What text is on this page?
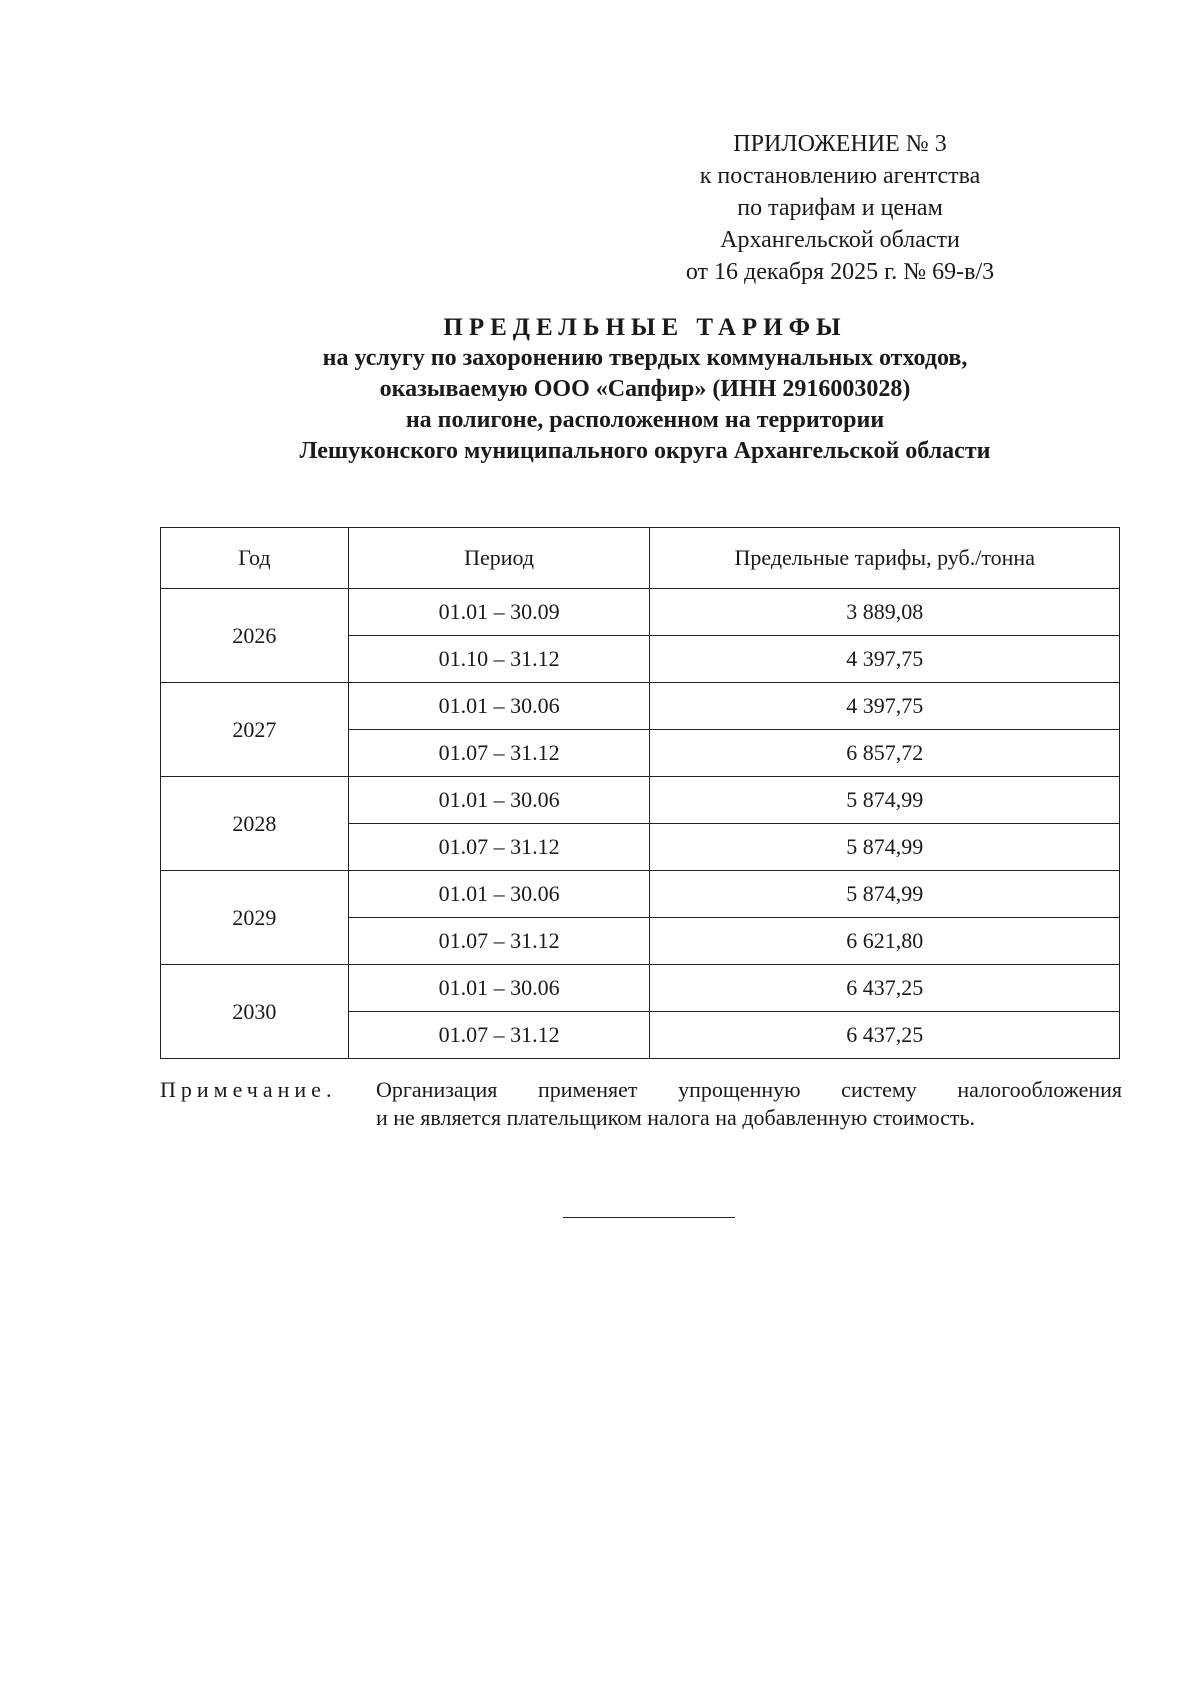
ПРИЛОЖЕНИЕ № 3
к постановлению агентства
по тарифам и ценам
Архангельской области
от 16 декабря 2025 г. № 69-в/3
ПРЕДЕЛЬНЫЕ ТАРИФЫ
на услугу по захоронению твердых коммунальных отходов,
оказываемую ООО «Сапфир» (ИНН 2916003028)
на полигоне, расположенном на территории
Лешуконского муниципального округа Архангельской области
Год	Период	Предельные тарифы, руб./тонна
2026	01.01 – 30.09	3 889,08
	01.10 – 31.12	4 397,75
2027	01.01 – 30.06	4 397,75
	01.07 – 31.12	6 857,72
2028	01.01 – 30.06	5 874,99
	01.07 – 31.12	5 874,99
2029	01.01 – 30.06	5 874,99
	01.07 – 31.12	6 621,80
2030	01.01 – 30.06	6 437,25
	01.07 – 31.12	6 437,25
Примечание. Организация применяет упрощенную систему налогообложения
и не является плательщиком налога на добавленную стоимость.
